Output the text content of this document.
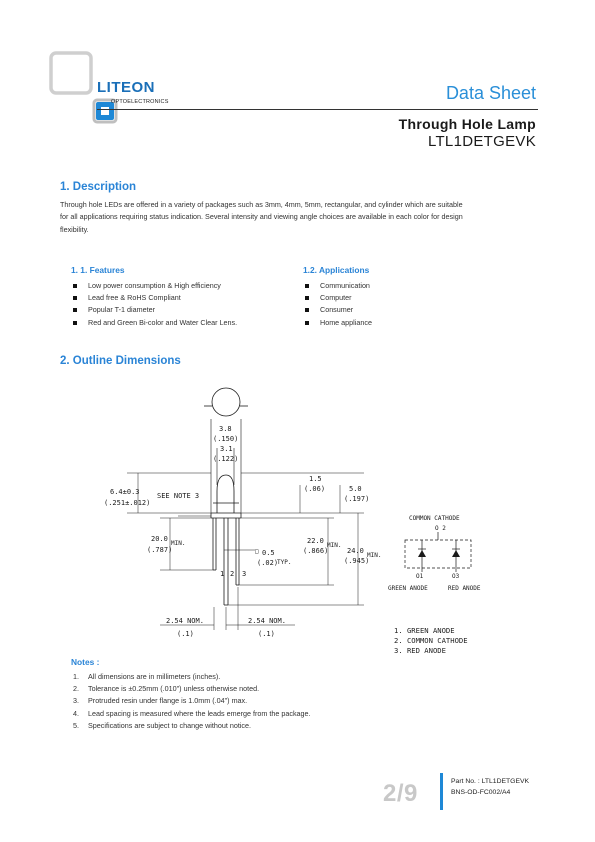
LITEON
OPTOELECTRONICS	Data Sheet
Through Hole Lamp
LTL1DETGEVK
1. Description
Through hole LEDs are offered in a variety of packages such as 3mm, 4mm, 5mm, rectangular, and cylinder which are suitable
for all applications requiring status indication. Several intensity and viewing angle choices are available in each color for design
flexibility.
1. 1. Features
Low power consumption & High efficiency
Lead free & RoHS Compliant
Popular T-1 diameter
Red and Green Bi-color and Water Clear Lens.
1.2. Applications
Communication
Computer
Consumer
Home appliance
2. Outline Dimensions
3.8
(.150)
3.1
(.122)
6.4±0.3
(.251±.012)
SEE NOTE 3
1.5
(.06)	5.0
(.197)
20.0
MIN.
(.787)
22.0
MIN.
(.866)	24.0
MIN.
(.945)
□ 0.5
(.02)
TYP.
1 2 3
2.54 NOM.
(.1)
2.54 NOM.
(.1)
COMMON CATHODE
O 2
O1	O3
GREEN ANODE	RED ANODE
1. GREEN ANODE
2. COMMON CATHODE
3. RED ANODE
Notes :
1. All dimensions are in millimeters (inches).
2. Tolerance is ±0.25mm (.010") unless otherwise noted.
3. Protruded resin under flange is 1.0mm (.04") max.
4. Lead spacing is measured where the leads emerge from the package.
5. Specifications are subject to change without notice.
2/9	Part No. : LTL1DETGEVK
BNS-OD-FC002/A4
